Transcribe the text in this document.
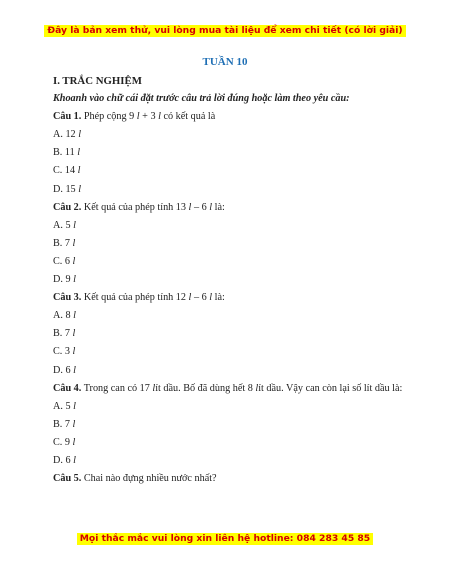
Đây là bản xem thử, vui lòng mua tài liệu để xem chi tiết (có lời giải)
TUẦN 10
I. TRẮC NGHIỆM
Khoanh vào chữ cái đặt trước câu trả lời đúng hoặc làm theo yêu cầu:
Câu 1. Phép cộng 9 l + 3 l có kết quả là
A. 12 l
B. 11 l
C. 14 l
D. 15 l
Câu 2. Kết quả của phép tính 13 l – 6 l là:
A. 5 l
B. 7 l
C. 6 l
D. 9 l
Câu 3. Kết quả của phép tính 12 l – 6 l là:
A. 8 l
B. 7 l
C. 3 l
D. 6 l
Câu 4. Trong can có 17 lít dầu. Bố đã dùng hết 8 lít dầu. Vậy can còn lại số lít dầu là:
A. 5 l
B. 7 l
C. 9 l
D. 6 l
Câu 5. Chai nào đựng nhiều nước nhất?
Mọi thắc mắc vui lòng xin liên hệ hotline: 084 283 45 85
